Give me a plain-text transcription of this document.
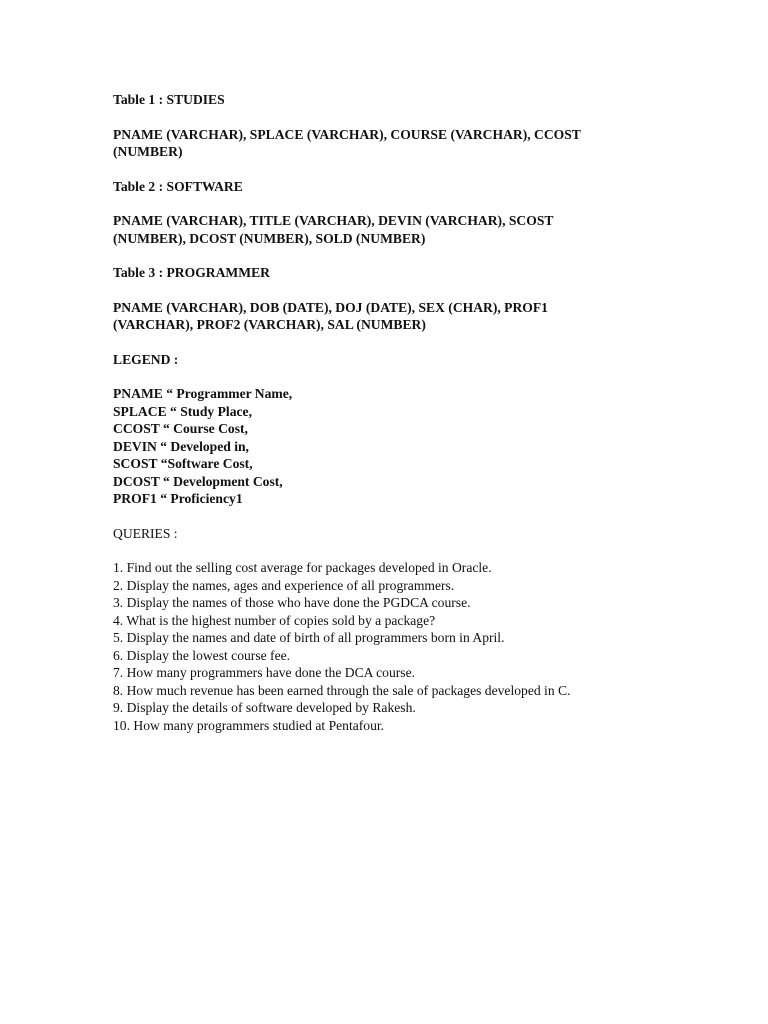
Table 1 : STUDIES

PNAME (VARCHAR), SPLACE (VARCHAR), COURSE (VARCHAR), CCOST
(NUMBER)

Table 2 : SOFTWARE

PNAME (VARCHAR), TITLE (VARCHAR), DEVIN (VARCHAR), SCOST
(NUMBER), DCOST (NUMBER), SOLD (NUMBER)

Table 3 : PROGRAMMER

PNAME (VARCHAR), DOB (DATE), DOJ (DATE), SEX (CHAR), PROF1
(VARCHAR), PROF2 (VARCHAR), SAL (NUMBER)

LEGEND :

PNAME “ Programmer Name,
SPLACE “ Study Place,
CCOST “ Course Cost,
DEVIN “ Developed in,
SCOST “Software Cost,
DCOST “ Development Cost,
PROF1 “ Proficiency1

QUERIES :

1. Find out the selling cost average for packages developed in Oracle.
2. Display the names, ages and experience of all programmers.
3. Display the names of those who have done the PGDCA course.
4. What is the highest number of copies sold by a package?
5. Display the names and date of birth of all programmers born in April.
6. Display the lowest course fee.
7. How many programmers have done the DCA course.
8. How much revenue has been earned through the sale of packages developed in C.
9. Display the details of software developed by Rakesh.
10. How many programmers studied at Pentafour.
